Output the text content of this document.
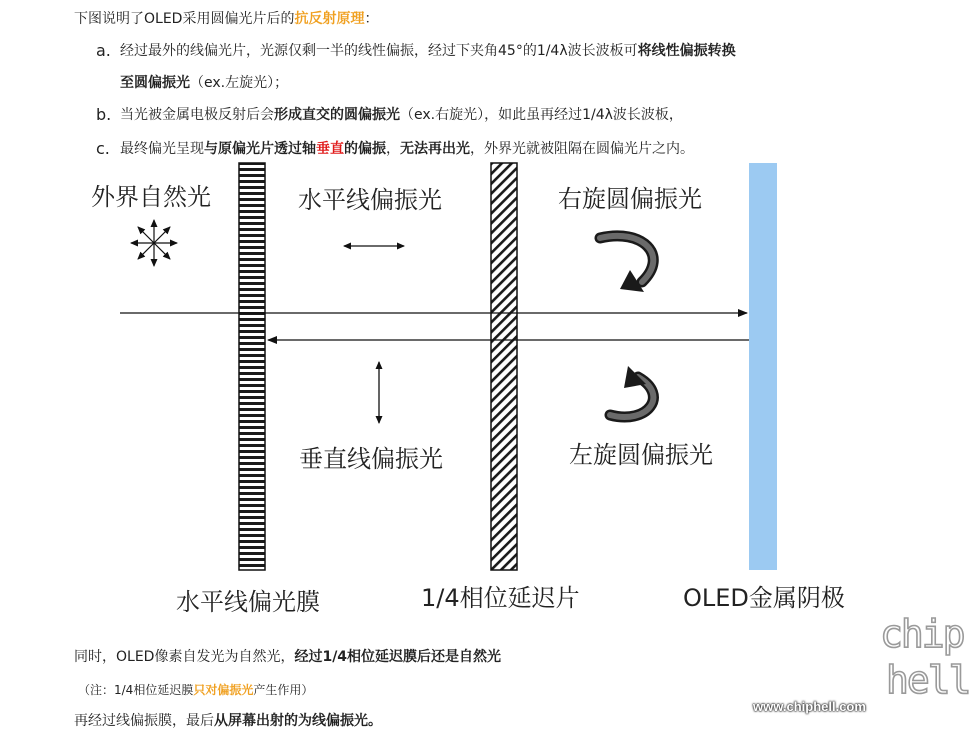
下图说明了OLED采用圆偏光片后的抗反射原理：
a. 经过最外的线偏光片，光源仅剩一半的线性偏振，经过下夹角45°的1/4λ波长波板可将线性偏振转换
至圆偏振光（ex.左旋光）；
b. 当光被金属电极反射后会形成直交的圆偏振光（ex.右旋光），如此虽再经过1/4λ波长波板，
c. 最终偏光呈现与原偏光片透过轴垂直的偏振，无法再出光，外界光就被阻隔在圆偏光片之内。
外界自然光	水平线偏振光	右旋圆偏振光
垂直线偏振光	左旋圆偏振光
水平线偏光膜	1/4相位延迟片	OLED金属阴极
同时，OLED像素自发光为自然光，经过1/4相位延迟膜后还是自然光
（注：1/4相位延迟膜只对偏振光产生作用）
再经过线偏振膜，最后从屏幕出射的为线偏振光。
chip
hell
www.chiphell.com
